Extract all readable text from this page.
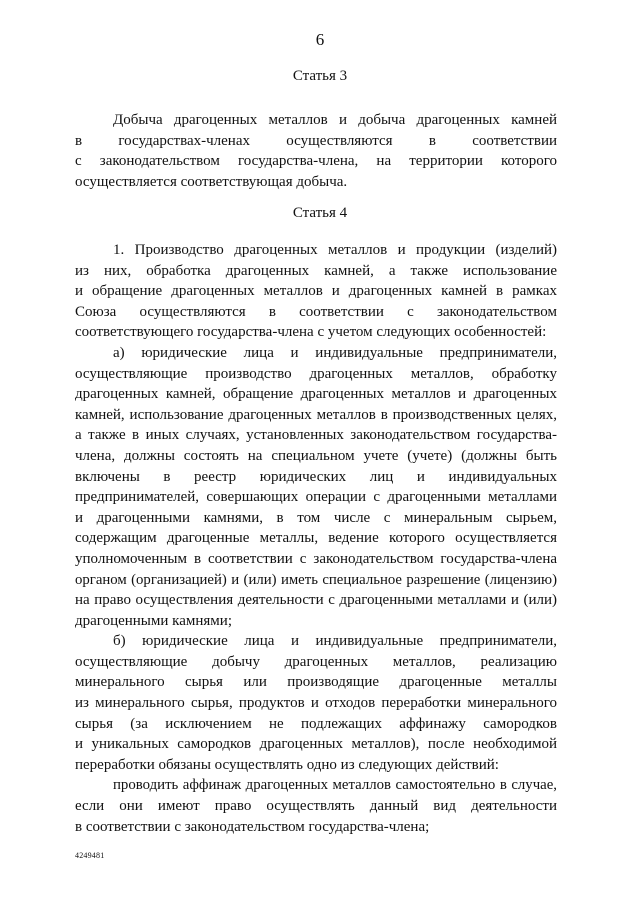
6
Статья 3
Добыча драгоценных металлов и добыча драгоценных камней
в государствах-членах осуществляются в соответствии
с законодательством государства-члена, на территории которого
осуществляется соответствующая добыча.
Статья 4
1. Производство драгоценных металлов и продукции (изделий)
из них, обработка драгоценных камней, а также использование
и обращение драгоценных металлов и драгоценных камней в рамках
Союза осуществляются в соответствии с законодательством
соответствующего государства-члена с учетом следующих особенностей:
а) юридические лица и индивидуальные предприниматели,
осуществляющие производство драгоценных металлов, обработку
драгоценных камней, обращение драгоценных металлов и драгоценных
камней, использование драгоценных металлов в производственных целях,
а также в иных случаях, установленных законодательством государства-
члена, должны состоять на специальном учете (учете) (должны быть
включены в реестр юридических лиц и индивидуальных
предпринимателей, совершающих операции с драгоценными металлами
и драгоценными камнями, в том числе с минеральным сырьем,
содержащим драгоценные металлы, ведение которого осуществляется
уполномоченным в соответствии с законодательством государства-члена
органом (организацией) и (или) иметь специальное разрешение (лицензию)
на право осуществления деятельности с драгоценными металлами и (или)
драгоценными камнями;
б) юридические лица и индивидуальные предприниматели,
осуществляющие добычу драгоценных металлов, реализацию
минерального сырья или производящие драгоценные металлы
из минерального сырья, продуктов и отходов переработки минерального
сырья (за исключением не подлежащих аффинажу самородков
и уникальных самородков драгоценных металлов), после необходимой
переработки обязаны осуществлять одно из следующих действий:
проводить аффинаж драгоценных металлов самостоятельно в случае,
если они имеют право осуществлять данный вид деятельности
в соответствии с законодательством государства-члена;
4249481
